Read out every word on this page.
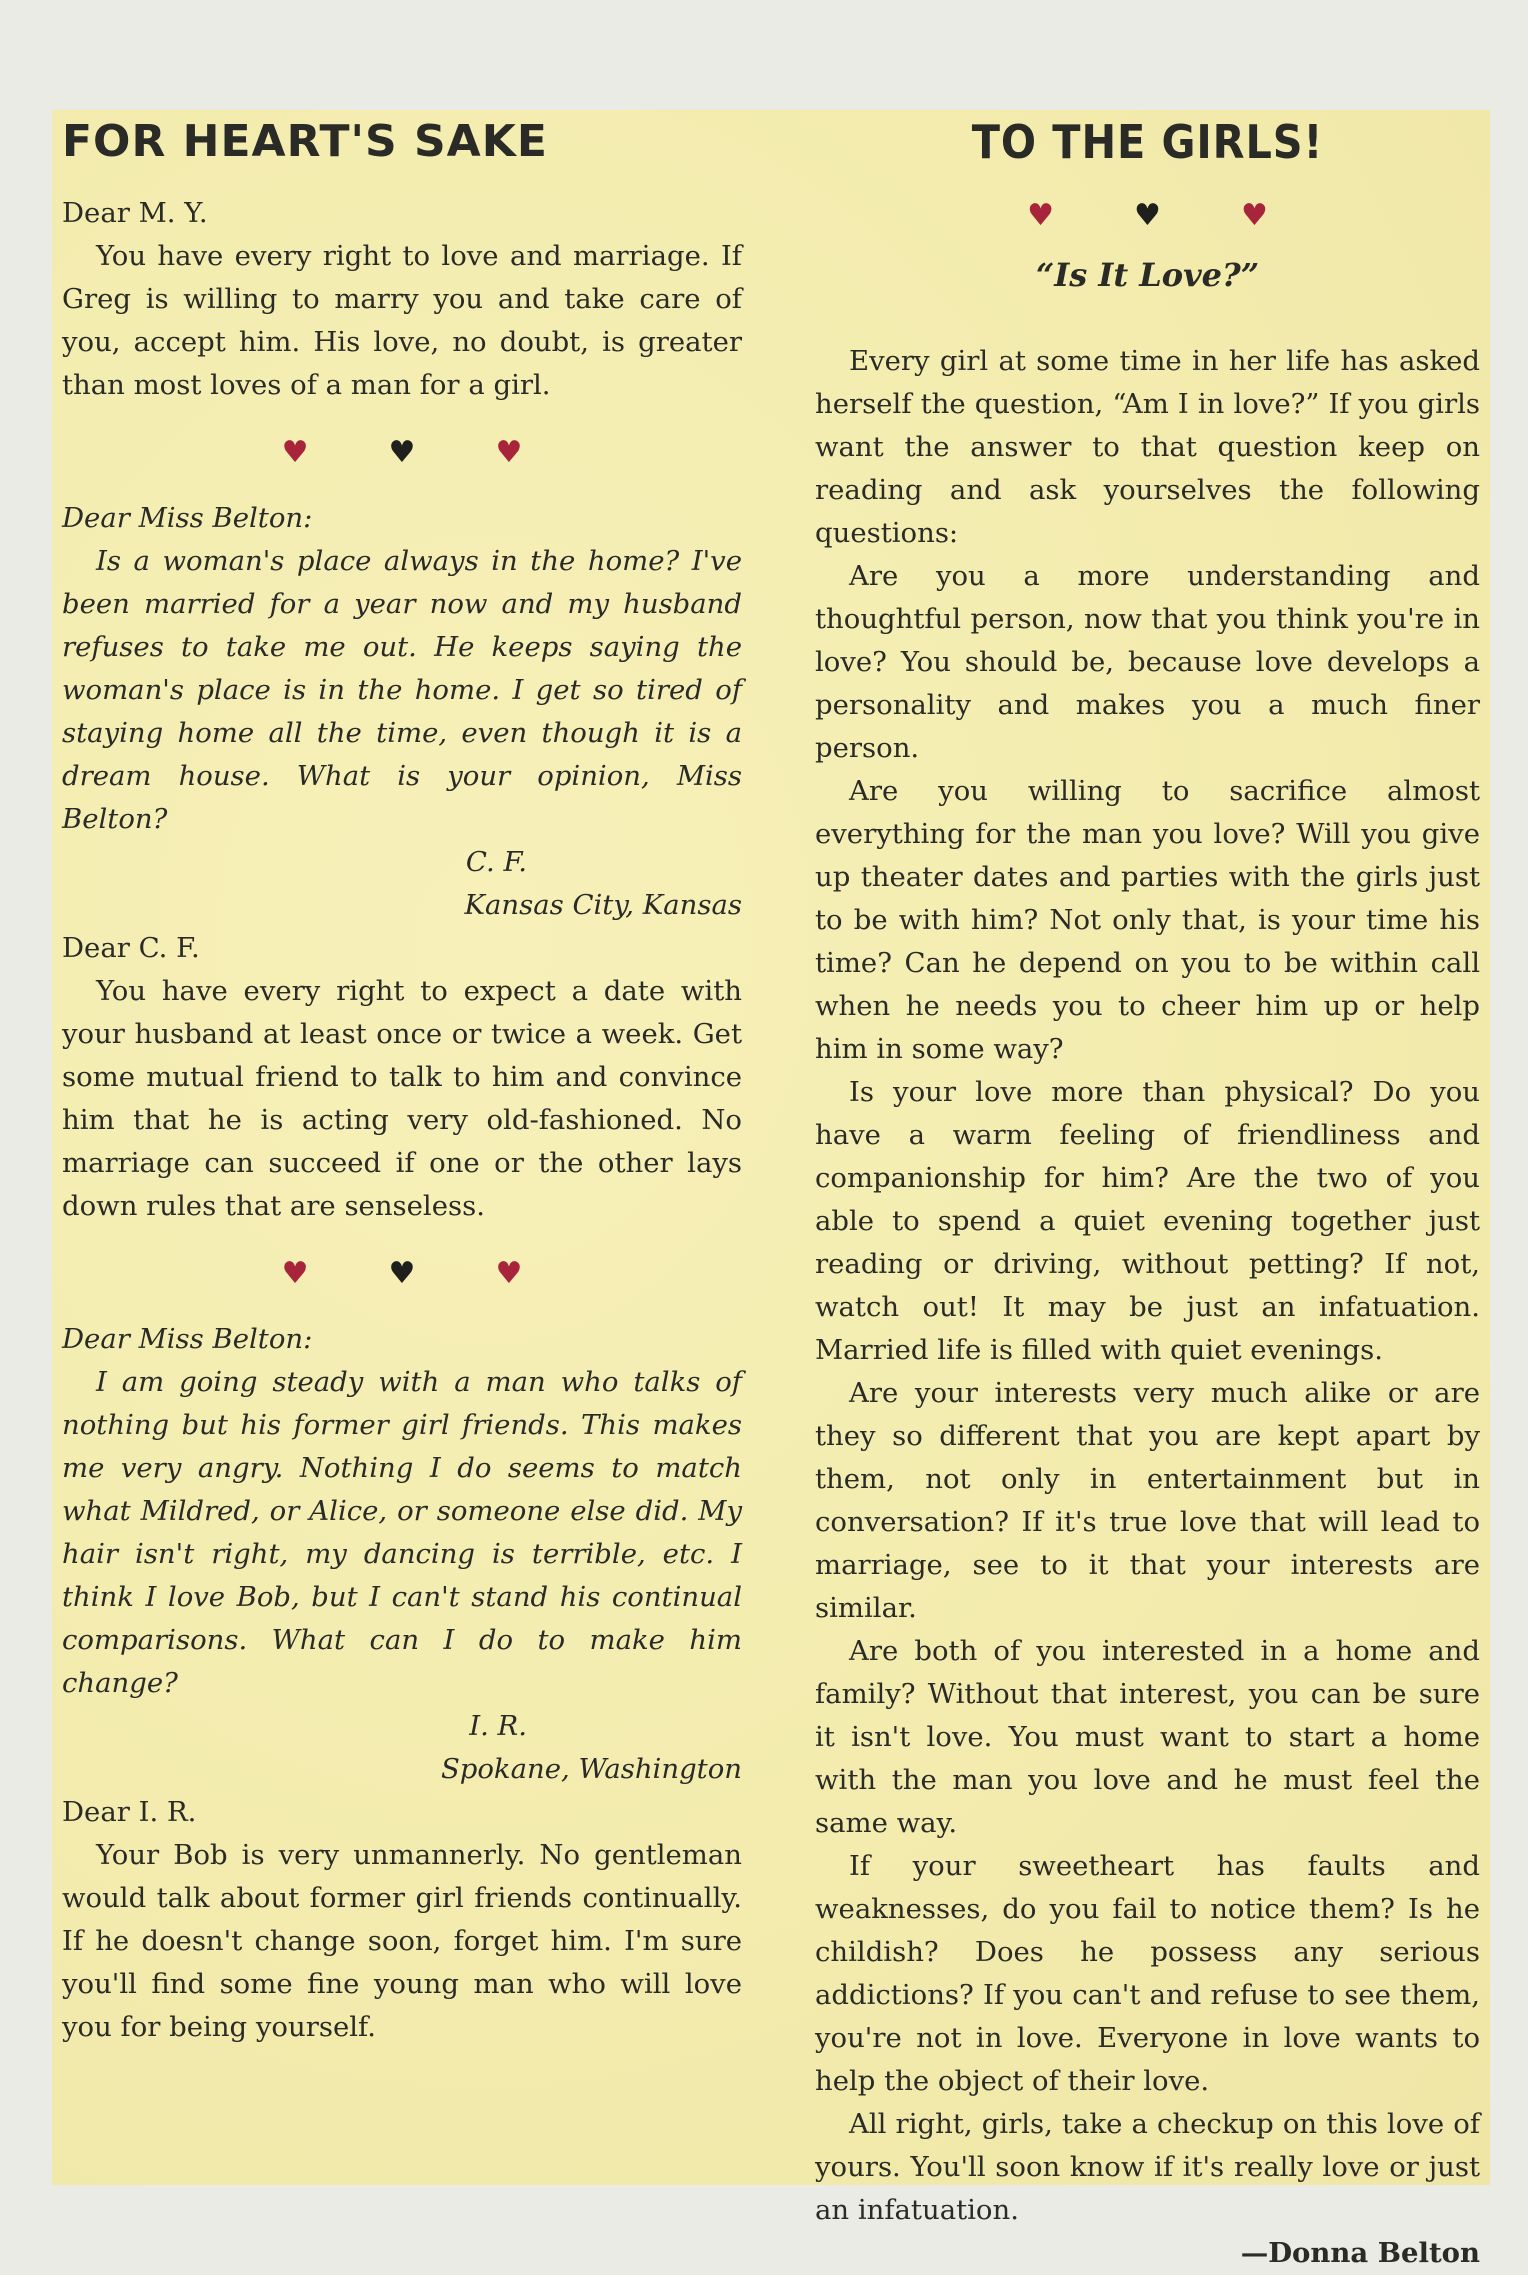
FOR HEART'S SAKE

Dear M. Y.

You have every right to love and marriage. If Greg is willing to marry you and take care of you, accept him. His love, no doubt, is greater than most loves of a man for a girl.

♥	♥	♥

Dear Miss Belton:

Is a woman's place always in the home? I've been married for a year now and my husband refuses to take me out. He keeps saying the woman's place is in the home. I get so tired of staying home all the time, even though it is a dream house. What is your opinion, Miss Belton?

C. F.

Kansas City, Kansas

Dear C. F.

You have every right to expect a date with your husband at least once or twice a week. Get some mutual friend to talk to him and convince him that he is acting very old-fashioned. No marriage can succeed if one or the other lays down rules that are senseless.

♥	♥	♥

Dear Miss Belton:

I am going steady with a man who talks of nothing but his former girl friends. This makes me very angry. Nothing I do seems to match what Mildred, or Alice, or someone else did. My hair isn't right, my dancing is terrible, etc. I think I love Bob, but I can't stand his continual comparisons. What can I do to make him change?

I. R.

Spokane, Washington

Dear I. R.

Your Bob is very unmannerly. No gentleman would talk about former girl friends continually. If he doesn't change soon, forget him. I'm sure you'll find some fine young man who will love you for being yourself.

TO THE GIRLS!
♥	♥	♥
“Is It Love?”

Every girl at some time in her life has asked herself the question, “Am I in love?” If you girls want the answer to that question keep on reading and ask yourselves the following questions:

Are you a more understanding and thoughtful person, now that you think you're in love? You should be, because love develops a personality and makes you a much finer person.

Are you willing to sacrifice almost everything for the man you love? Will you give up theater dates and parties with the girls just to be with him? Not only that, is your time his time? Can he depend on you to be within call when he needs you to cheer him up or help him in some way?

Is your love more than physical? Do you have a warm feeling of friendliness and companionship for him? Are the two of you able to spend a quiet evening together just reading or driving, without petting? If not, watch out! It may be just an infatuation. Married life is filled with quiet evenings.

Are your interests very much alike or are they so different that you are kept apart by them, not only in entertainment but in conversation? If it's true love that will lead to marriage, see to it that your interests are similar.

Are both of you interested in a home and family? Without that interest, you can be sure it isn't love. You must want to start a home with the man you love and he must feel the same way.

If your sweetheart has faults and weaknesses, do you fail to notice them? Is he childish? Does he possess any serious addictions? If you can't and refuse to see them, you're not in love. Everyone in love wants to help the object of their love.

All right, girls, take a checkup on this love of yours. You'll soon know if it's really love or just an infatuation.

—Donna Belton
